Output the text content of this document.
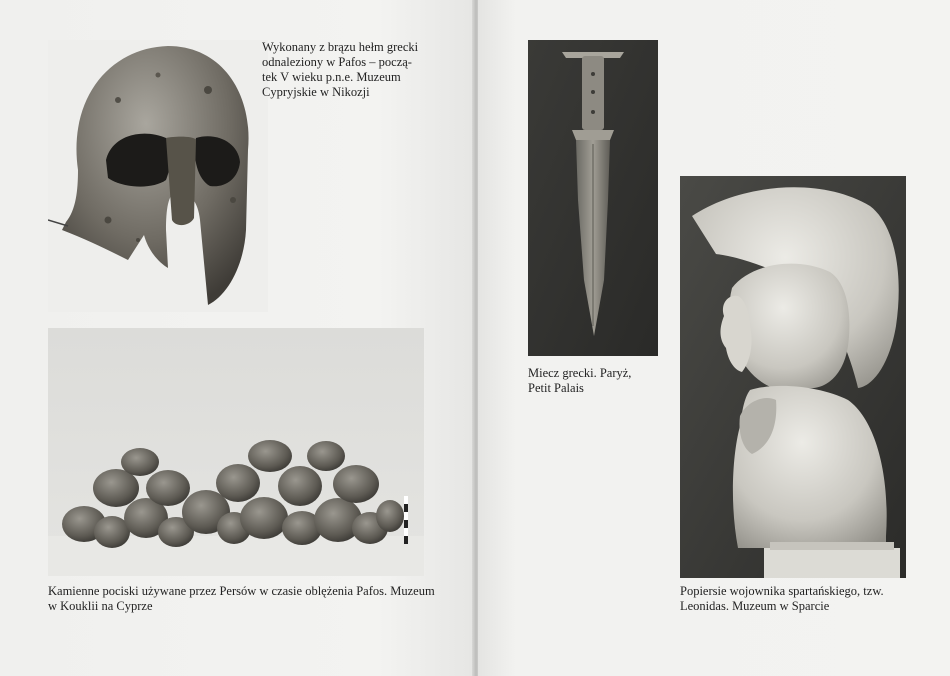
Wykonany z brązu hełm grecki
odnaleziony w Pafos – począ-
tek V wieku p.n.e. Muzeum
Cypryjskie w Nikozji

Kamienne pociski używane przez Persów w czasie oblężenia Pafos. Muzeum
w Kouklii na Cyprze

Miecz grecki. Paryż,
Petit Palais

Popiersie wojownika spartańskiego, tzw.
Leonidas. Muzeum w Sparcie
